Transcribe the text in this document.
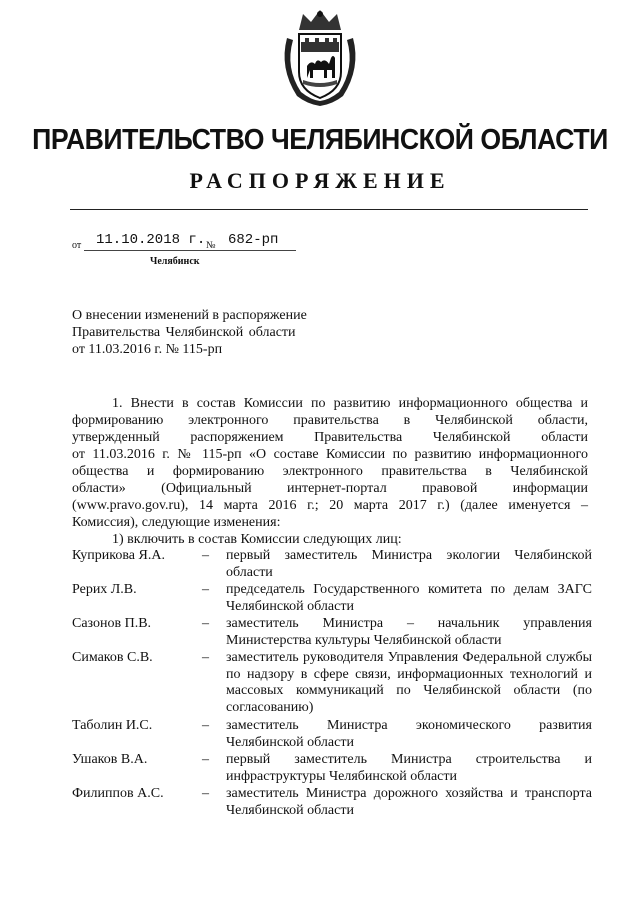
ПРАВИТЕЛЬСТВО ЧЕЛЯБИНСКОЙ ОБЛАСТИ
РАСПОРЯЖЕНИЕ
от 11.10.2018 г. № 682-рп
Челябинск
О внесении изменений в распоряжение
Правительства Челябинской области
от 11.03.2016 г. № 115-рп
1. Внести в состав Комиссии по развитию информационного общества и
формированию электронного правительства в Челябинской области,
утвержденный распоряжением Правительства Челябинской области
от 11.03.2016 г. № 115-рп «О составе Комиссии по развитию информационного
общества и формированию электронного правительства в Челябинской
области» (Официальный интернет-портал правовой информации
(www.pravo.gov.ru), 14 марта 2016 г.; 20 марта 2017 г.) (далее именуется –
Комиссия), следующие изменения:
1) включить в состав Комиссии следующих лиц:
Куприкова Я.А.	– первый заместитель Министра экологии Челябинской области
Рерих Л.В.	– председатель Государственного комитета по делам ЗАГС Челябинской области
Сазонов П.В.	– заместитель Министра – начальник управления Министерства культуры Челябинской области
Симаков С.В.	– заместитель руководителя Управления Федеральной службы по надзору в сфере связи, информационных технологий и массовых коммуникаций по Челябинской области (по согласованию)
Таболин И.С.	– заместитель Министра экономического развития Челябинской области
Ушаков В.А.	– первый заместитель Министра строительства и инфраструктуры Челябинской области
Филиппов А.С.	– заместитель Министра дорожного хозяйства и транспорта Челябинской области
